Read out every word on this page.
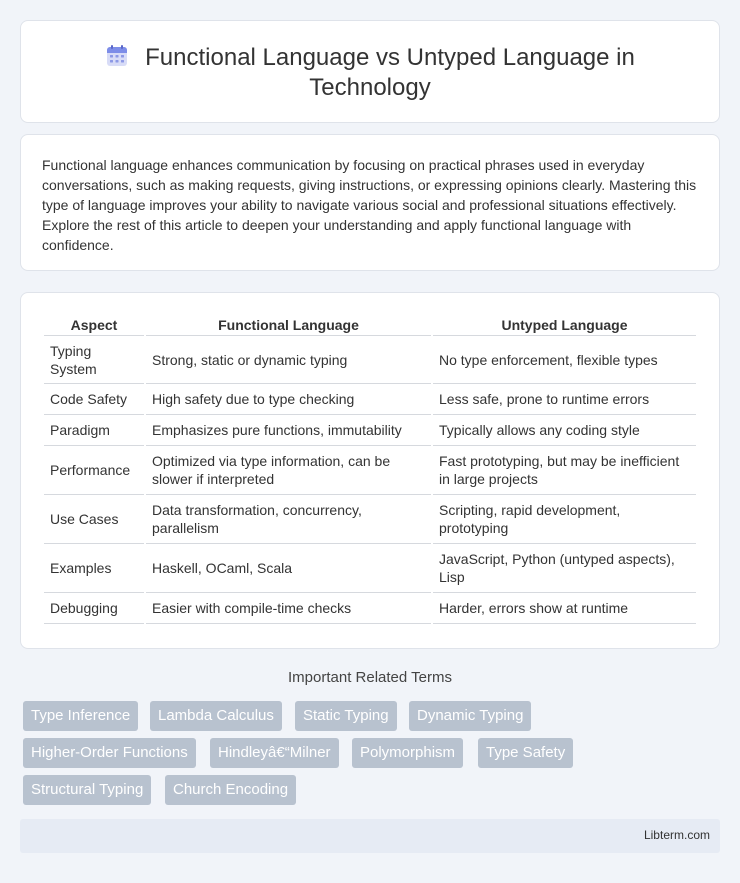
Functional Language vs Untyped Language in
Technology

Functional language enhances communication by focusing on practical phrases used in everyday conversations, such as making requests, giving instructions, or expressing opinions clearly. Mastering this type of language improves your ability to navigate various social and professional situations effectively. Explore the rest of this article to deepen your understanding and apply functional language with confidence.

Aspect	Functional Language	Untyped Language
Typing System	Strong, static or dynamic typing	No type enforcement, flexible types
Code Safety	High safety due to type checking	Less safe, prone to runtime errors
Paradigm	Emphasizes pure functions, immutability	Typically allows any coding style
Performance	Optimized via type information, can be slower if interpreted	Fast prototyping, but may be inefficient in large projects
Use Cases	Data transformation, concurrency, parallelism	Scripting, rapid development, prototyping
Examples	Haskell, OCaml, Scala	JavaScript, Python (untyped aspects), Lisp
Debugging	Easier with compile-time checks	Harder, errors show at runtime
Important Related Terms
Type Inference	Lambda Calculus	Static Typing	Dynamic Typing
Higher-Order Functions	Hindleyâ€“Milner	Polymorphism	Type Safety
Structural Typing	Church Encoding
Libterm.com
